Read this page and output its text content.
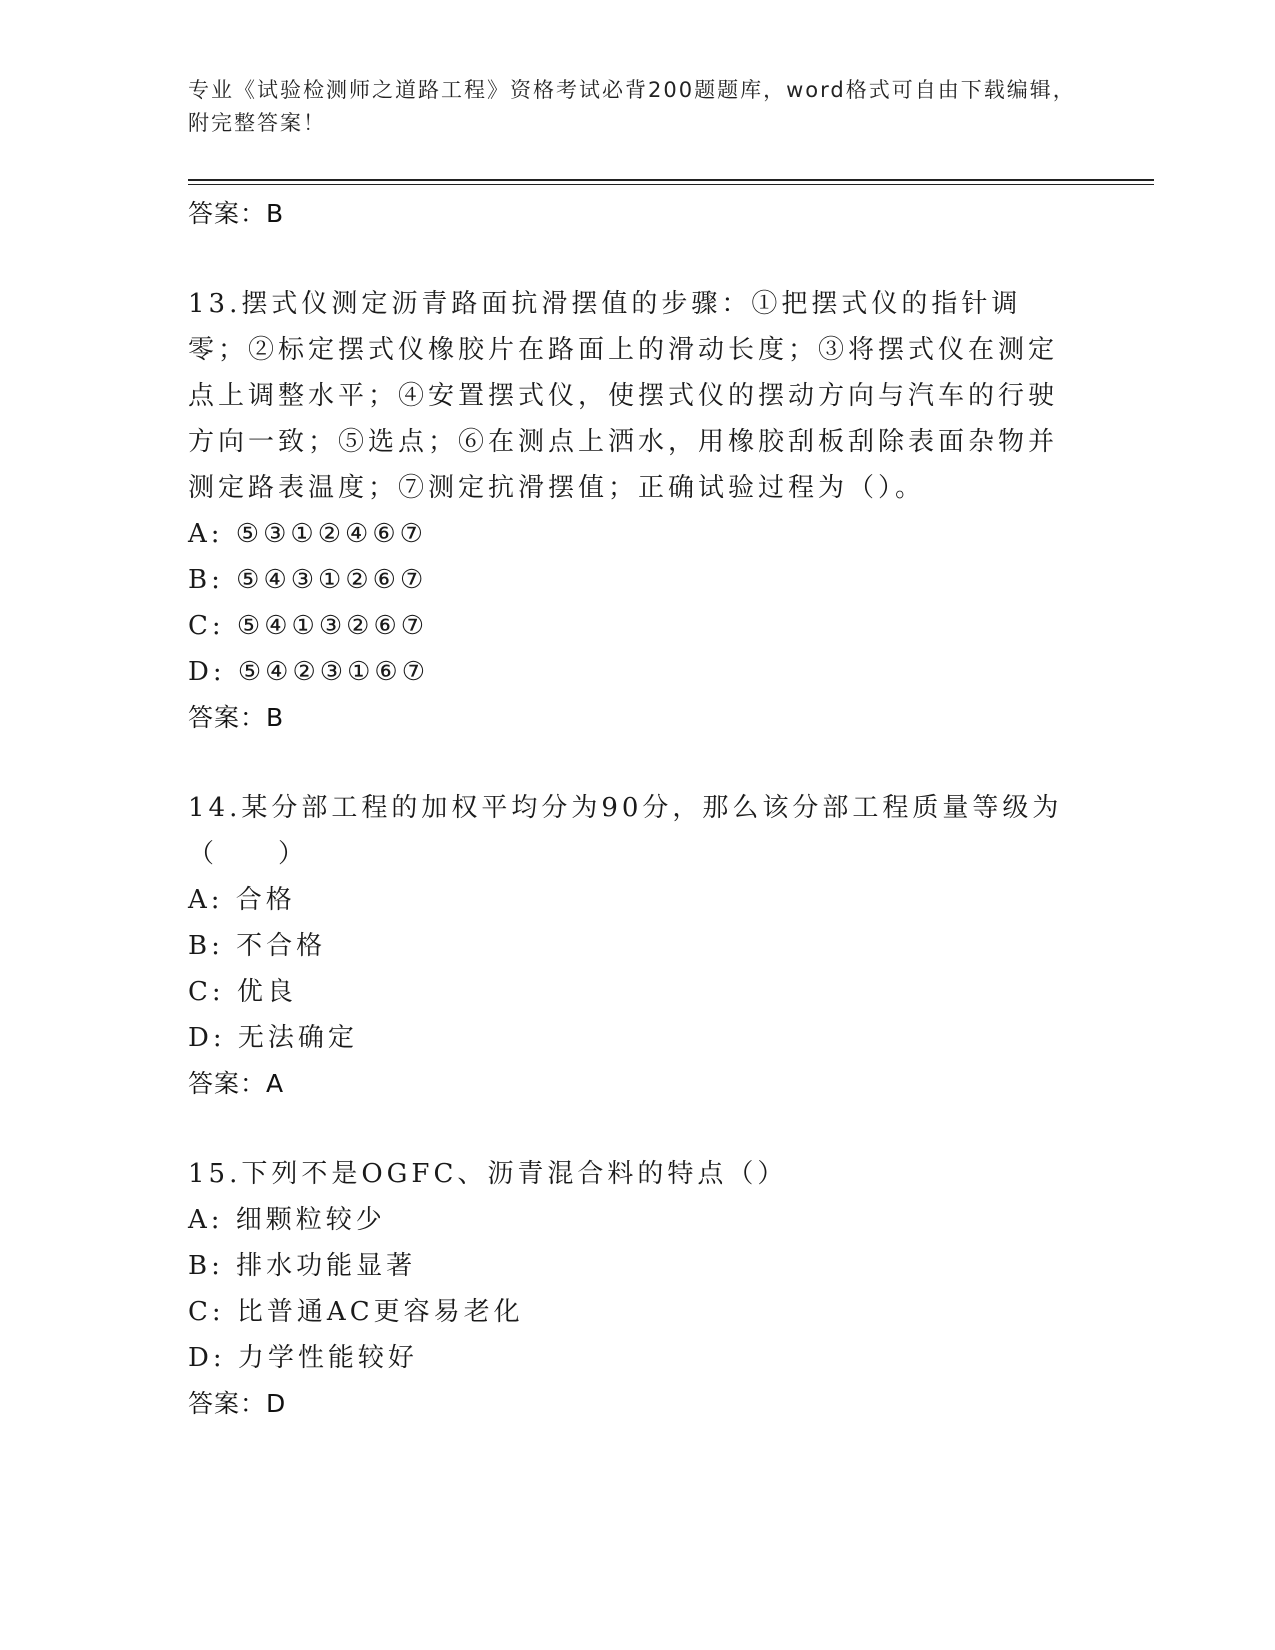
专业《试验检测师之道路工程》资格考试必背200题题库，word格式可自由下载编辑，附完整答案！
答案：B
13.摆式仪测定沥青路面抗滑摆值的步骤：①把摆式仪的指针调零；②标定摆式仪橡胶片在路面上的滑动长度；③将摆式仪在测定点上调整水平；④安置摆式仪，使摆式仪的摆动方向与汽车的行驶方向一致；⑤选点；⑥在测点上洒水，用橡胶刮板刮除表面杂物并测定路表温度；⑦测定抗滑摆值；正确试验过程为（）。
A: ⑤③①②④⑥⑦
B: ⑤④③①②⑥⑦
C: ⑤④①③②⑥⑦
D: ⑤④②③①⑥⑦
答案：B
14.某分部工程的加权平均分为90分，那么该分部工程质量等级为（　　）
A: 合格
B: 不合格
C: 优良
D: 无法确定
答案：A
15.下列不是OGFC、沥青混合料的特点（）
A: 细颗粒较少
B: 排水功能显著
C: 比普通AC更容易老化
D: 力学性能较好
答案：D
